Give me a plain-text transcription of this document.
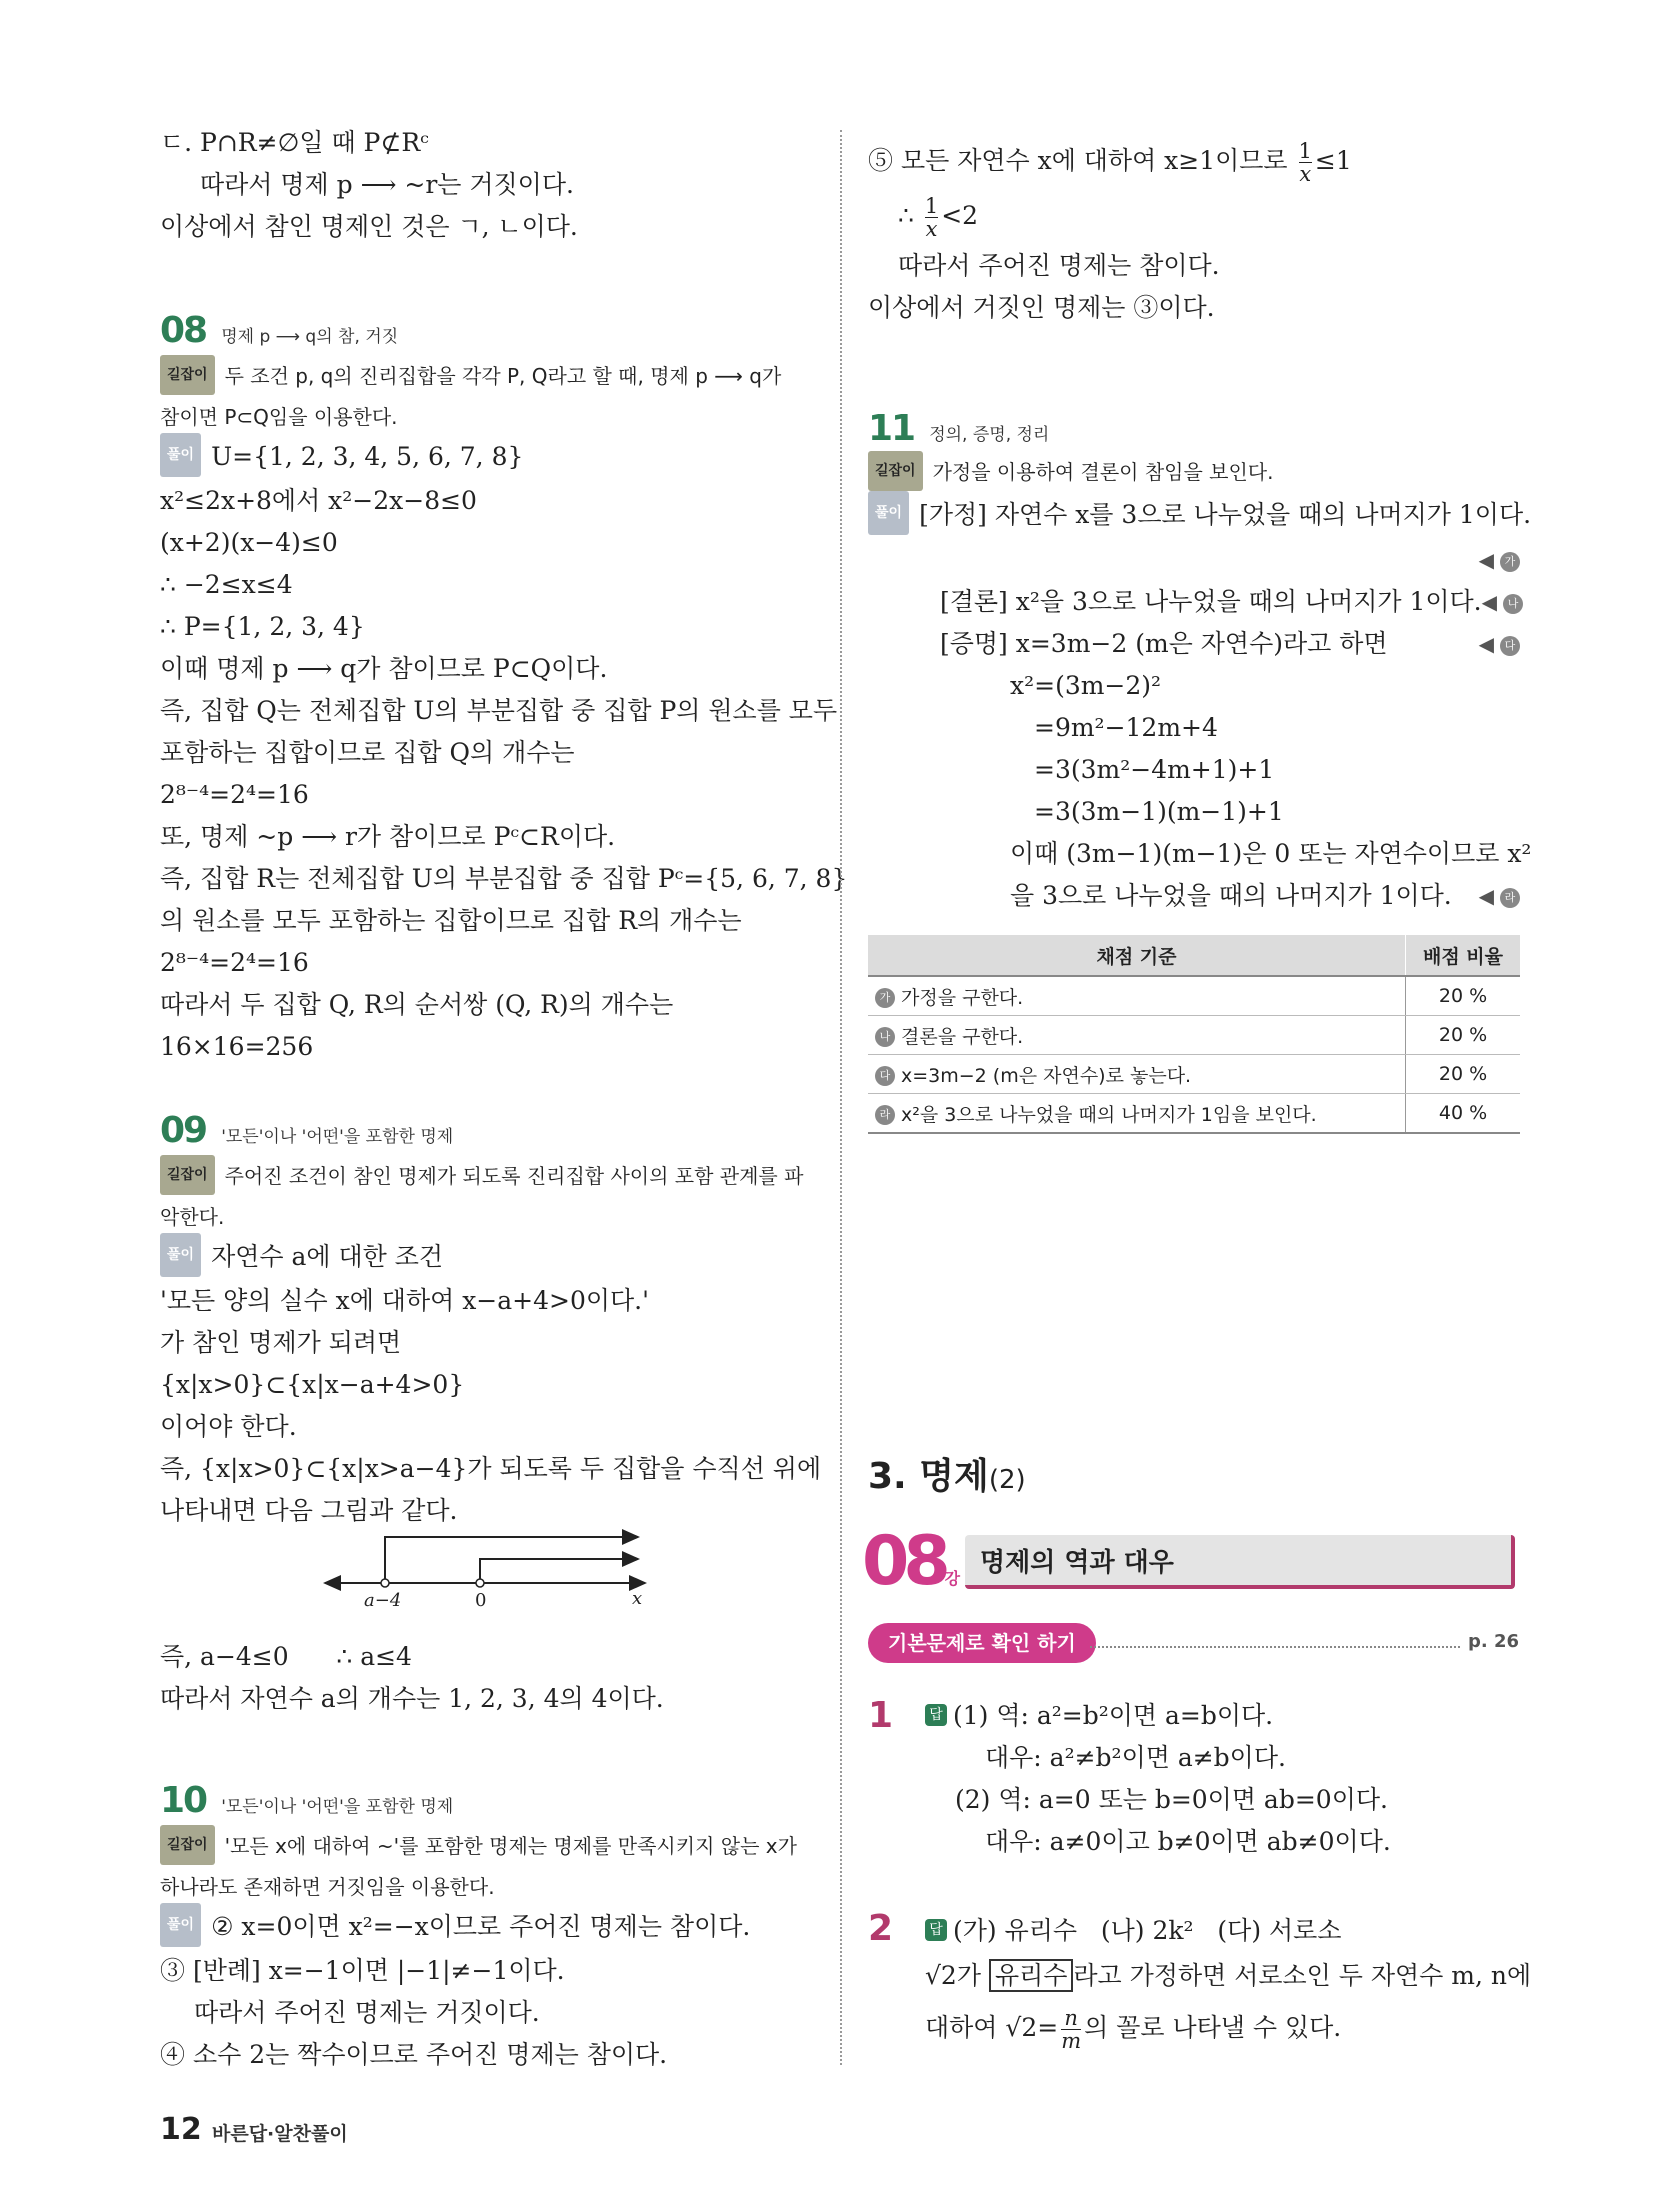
ㄷ. P∩R≠∅일 때 P⊄Rᶜ
따라서 명제 p ⟶ ~r는 거짓이다.
이상에서 참인 명제인 것은 ㄱ, ㄴ이다.
08 명제 p ⟶ q의 참, 거짓
길잡이 두 조건 p, q의 진리집합을 각각 P, Q라고 할 때, 명제 p ⟶ q가
참이면 P⊂Q임을 이용한다.
풀이 U={1, 2, 3, 4, 5, 6, 7, 8}
x²≤2x+8에서 x²−2x−8≤0
(x+2)(x−4)≤0
∴ −2≤x≤4
∴ P={1, 2, 3, 4}
이때 명제 p ⟶ q가 참이므로 P⊂Q이다.
즉, 집합 Q는 전체집합 U의 부분집합 중 집합 P의 원소를 모두
포함하는 집합이므로 집합 Q의 개수는
2⁸⁻⁴=2⁴=16
또, 명제 ~p ⟶ r가 참이므로 Pᶜ⊂R이다.
즉, 집합 R는 전체집합 U의 부분집합 중 집합 Pᶜ={5, 6, 7, 8}
의 원소를 모두 포함하는 집합이므로 집합 R의 개수는
2⁸⁻⁴=2⁴=16
따라서 두 집합 Q, R의 순서쌍 (Q, R)의 개수는
16×16=256
09 '모든'이나 '어떤'을 포함한 명제
길잡이 주어진 조건이 참인 명제가 되도록 진리집합 사이의 포함 관계를 파
악한다.
풀이 자연수 a에 대한 조건
'모든 양의 실수 x에 대하여 x−a+4>0이다.'
가 참인 명제가 되려면
{x|x>0}⊂{x|x−a+4>0}
이어야 한다.
즉, {x|x>0}⊂{x|x>a−4}가 되도록 두 집합을 수직선 위에
나타내면 다음 그림과 같다.
a−4	0	x
즉, a−4≤0      ∴ a≤4
따라서 자연수 a의 개수는 1, 2, 3, 4의 4이다.
10 '모든'이나 '어떤'을 포함한 명제
길잡이 '모든 x에 대하여 ~'를 포함한 명제는 명제를 만족시키지 않는 x가
하나라도 존재하면 거짓임을 이용한다.
풀이 ② x=0이면 x²=−x이므로 주어진 명제는 참이다.
③ [반례] x=−1이면 |−1|≠−1이다.
따라서 주어진 명제는 거짓이다.
④ 소수 2는 짝수이므로 주어진 명제는 참이다.
⑤ 모든 자연수 x에 대하여 x≥1이므로 $\frac{1}{x} \le 1$
∴ $\frac{1}{x} <2$
따라서 주어진 명제는 참이다.
이상에서 거짓인 명제는 ③이다.
11 정의, 증명, 정리
길잡이 가정을 이용하여 결론이 참임을 보인다.
풀이 [가정] 자연수 x를 3으로 나누었을 때의 나머지가 1이다.
◀ 가
[결론] x²을 3으로 나누었을 때의 나머지가 1이다. ◀ 나
[증명] x=3m−2 (m은 자연수)라고 하면	◀ 다
x²=(3m−2)²
=9m²−12m+4
=3(3m²−4m+1)+1
=3(3m−1)(m−1)+1
이때 (3m−1)(m−1)은 0 또는 자연수이므로 x²
을 3으로 나누었을 때의 나머지가 1이다. ◀ 라
채점 기준	배점 비율
가 가정을 구한다.	20 %
나 결론을 구한다.	20 %
다 x=3m−2 (m은 자연수)로 놓는다.	20 %
라 x²을 3으로 나누었을 때의 나머지가 1임을 보인다.	40 %
3. 명제(2)
08강
명제의 역과 대우
기본문제로 확인 하기	p. 26
1	답 (1) 역: a²=b²이면 a=b이다.
대우: a²≠b²이면 a≠b이다.
(2) 역: a=0 또는 b=0이면 ab=0이다.
대우: a≠0이고 b≠0이면 ab≠0이다.
2	답 (가) 유리수   (나) 2k²   (다) 서로소
√2가 유리수 라고 가정하면 서로소인 두 자연수 m, n에
대하여 $√2= \frac{n}{m}$ 의 꼴로 나타낼 수 있다.
12 바른답·알찬풀이
